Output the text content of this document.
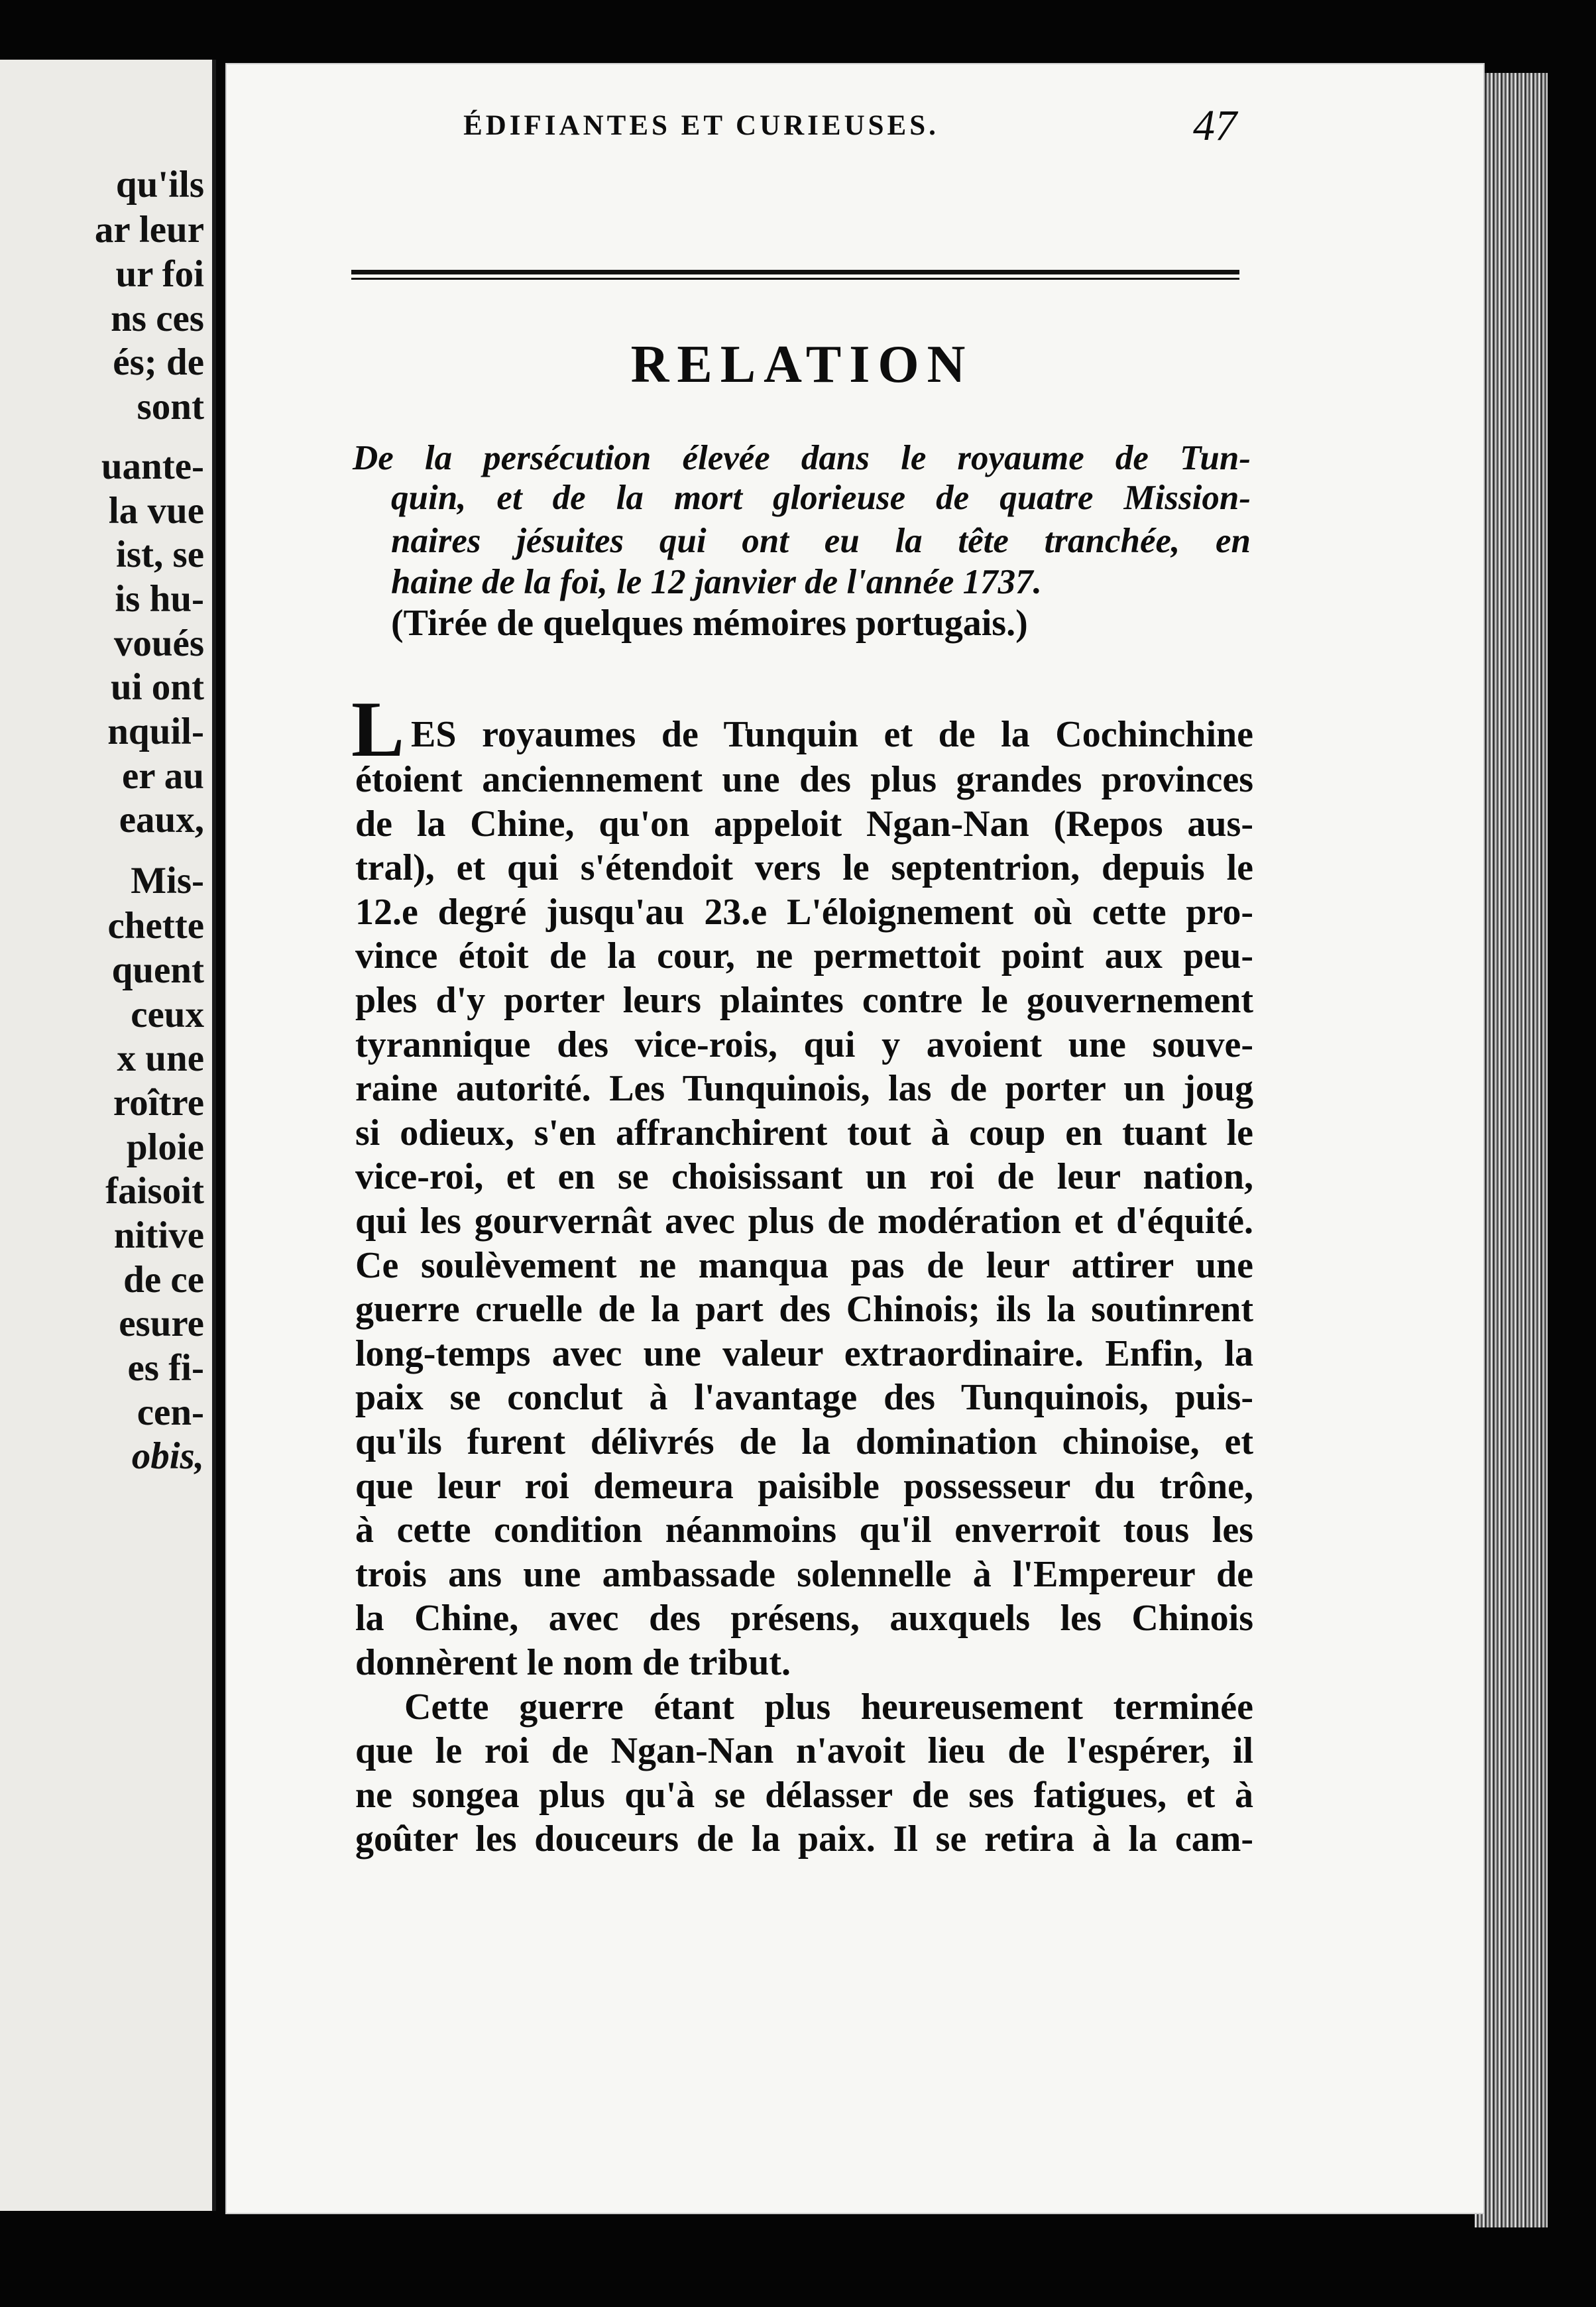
qu'ils
ar leur
ur foi
ns ces
és; de
sont
uante-
la vue
ist, se
is hu-
voués
ui ont
nquil-
er au
eaux,
Mis-
chette
quent
ceux
x une
roître
ploie
faisoit
nitive
de ce
esure
es fi-
cen-
obis,
ÉDIFIANTES ET CURIEUSES.	47
RELATION
De la persécution élevée dans le royaume de Tun-
quin, et de la mort glorieuse de quatre Mission-
naires jésuites qui ont eu la tête tranchée, en
haine de la foi, le 12 janvier de l'année 1737.
(Tirée de quelques mémoires portugais.)
L ES royaumes de Tunquin et de la Cochinchine
étoient anciennement une des plus grandes provinces
de la Chine, qu'on appeloit Ngan-Nan (Repos aus-
tral), et qui s'étendoit vers le septentrion, depuis le
12.e degré jusqu'au 23.e L'éloignement où cette pro-
vince étoit de la cour, ne permettoit point aux peu-
ples d'y porter leurs plaintes contre le gouvernement
tyrannique des vice-rois, qui y avoient une souve-
raine autorité. Les Tunquinois, las de porter un joug
si odieux, s'en affranchirent tout à coup en tuant le
vice-roi, et en se choisissant un roi de leur nation,
qui les gourvernât avec plus de modération et d'équité.
Ce soulèvement ne manqua pas de leur attirer une
guerre cruelle de la part des Chinois; ils la soutinrent
long-temps avec une valeur extraordinaire. Enfin, la
paix se conclut à l'avantage des Tunquinois, puis-
qu'ils furent délivrés de la domination chinoise, et
que leur roi demeura paisible possesseur du trône,
à cette condition néanmoins qu'il enverroit tous les
trois ans une ambassade solennelle à l'Empereur de
la Chine, avec des présens, auxquels les Chinois
donnèrent le nom de tribut.
Cette guerre étant plus heureusement terminée
que le roi de Ngan-Nan n'avoit lieu de l'espérer, il
ne songea plus qu'à se délasser de ses fatigues, et à
goûter les douceurs de la paix. Il se retira à la cam-
